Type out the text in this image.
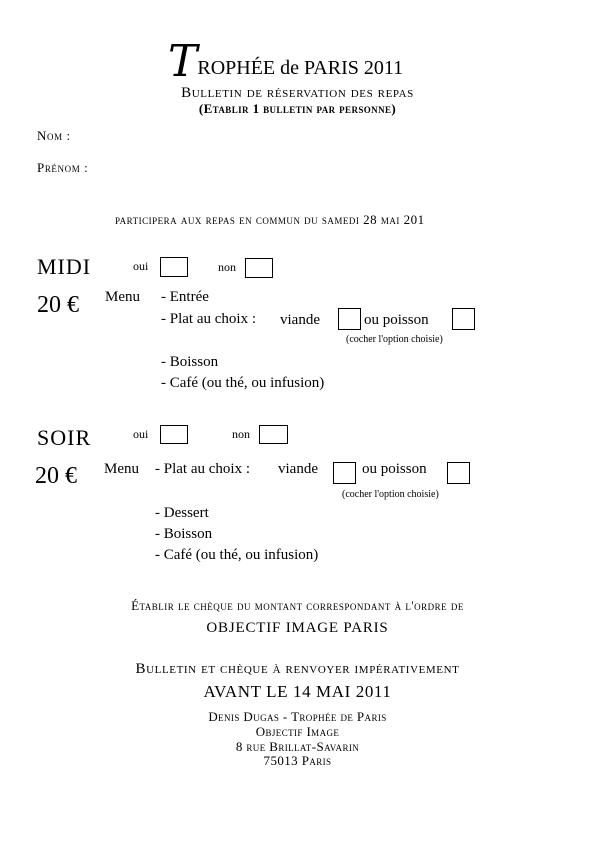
TROPHÉE de PARIS 2011
Bulletin de réservation des repas
(Etablir 1 bulletin par personne)
Nom :
Prénom :
participera aux repas en commun du samedi 28 mai 201
MIDI	oui	non
20 € Menu - Entrée
- Plat au choix : viande	ou poisson
(cocher l'option choisie)
- Boisson
- Café (ou thé, ou infusion)
SOIR	oui	non
20 € Menu - Plat au choix : viande	ou poisson
(cocher l'option choisie)
- Dessert
- Boisson
- Café (ou thé, ou infusion)
Établir le chèque du montant correspondant à l'ordre de
OBJECTIF IMAGE PARIS
Bulletin et chèque à renvoyer impérativement
AVANT LE 14 MAI 2011
Denis Dugas - Trophée de Paris
Objectif Image
8 rue Brillat-Savarin
75013 Paris
